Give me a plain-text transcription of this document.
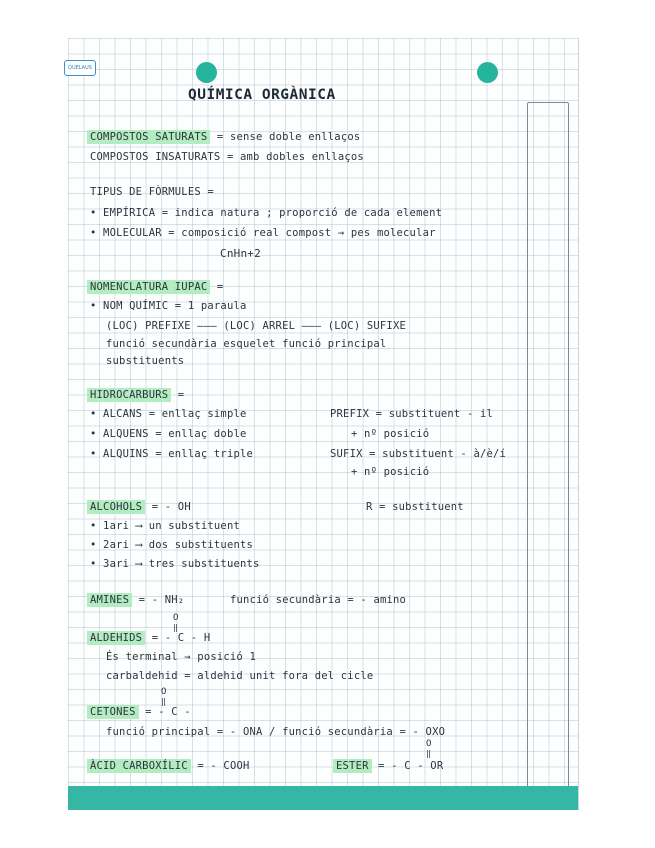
QUELAUS
QUÍMICA ORGÀNICA
COMPOSTOS SATURATS = sense doble enllaços
COMPOSTOS INSATURATS = amb dobles enllaços
TIPUS DE FÒRMULES =
• EMPÍRICA = indica natura ; proporció de cada element
• MOLECULAR = composició real compost → pes molecular
CnHn+2
NOMENCLATURA IUPAC =
• NOM QUÍMIC = 1 paraula
(LOC) PREFIXE ——— (LOC) ARREL ——— (LOC) SUFIXE
funció secundària esquelet funció principal
substituents
HIDROCARBURS =
• ALCANS = enllaç simple
• ALQUENS = enllaç doble
• ALQUINS = enllaç triple
PREFIX = substituent - il
+ nº posició
SUFIX = substituent - à/è/í
+ nº posició
ALCOHOLS = - OH	R = substituent
• 1ari ⟶ un substituent
• 2ari ⟶ dos substituents
• 3ari ⟶ tres substituents
AMINES = - NH₂	funció secundària = - amino
O
‖
ALDEHIDS = - C - H
És terminal → posició 1
carbaldehid = aldehid unit fora del cicle
O
‖
CETONES = - C -
funció principal = - ONA / funció secundària = - OXO
ÀCID CARBOXÍLIC = - COOH
O
‖
ESTER = - C - OR
